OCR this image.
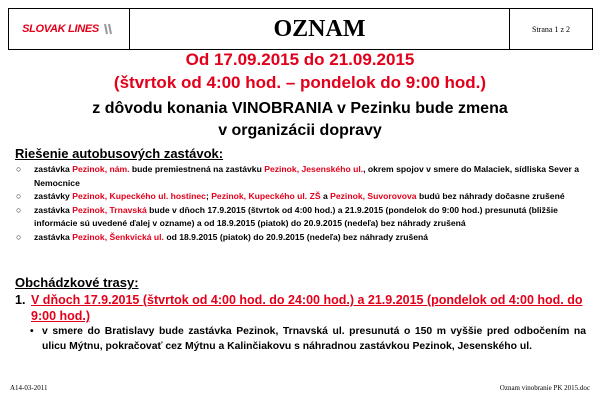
SLOVAK LINES	OZNAM	Strana 1 z 2
Od 17.09.2015 do 21.09.2015
(štvrtok od 4:00 hod. – pondelok do 9:00 hod.)
z dôvodu konania VINOBRANIA v Pezinku bude zmena
v organizácii dopravy
Riešenie autobusových zastávok:
○ zastávka Pezinok, nám. bude premiestnená na zastávku Pezinok, Jesenského ul., okrem spojov v smere do Malaciek, sídliska Sever a Nemocnice
○ zastávky Pezinok, Kupeckého ul. hostinec; Pezinok, Kupeckého ul. ZŠ a Pezinok, Suvorovova budú bez náhrady dočasne zrušené
○ zastávka Pezinok, Trnavská bude v dňoch 17.9.2015 (štvrtok od 4:00 hod.) a 21.9.2015 (pondelok do 9:00 hod.) presunutá (bližšie informácie sú uvedené ďalej v ozname) a od 18.9.2015 (piatok) do 20.9.2015 (nedeľa) bez náhrady zrušená
○ zastávka Pezinok, Šenkvická ul. od 18.9.2015 (piatok) do 20.9.2015 (nedeľa) bez náhrady zrušená
Obchádzkové trasy:
1. V dňoch 17.9.2015 (štvrtok od 4:00 hod. do 24:00 hod.) a 21.9.2015 (pondelok od 4:00 hod. do 9:00 hod.)
• v smere do Bratislavy bude zastávka Pezinok, Trnavská ul. presunutá o 150 m vyššie pred odbočením na ulicu Mýtnu, pokračovať cez Mýtnu a Kalinčiakovu s náhradnou zastávkou Pezinok, Jesenského ul.
A14-03-2011	Oznam vinobranie PK 2015.doc
